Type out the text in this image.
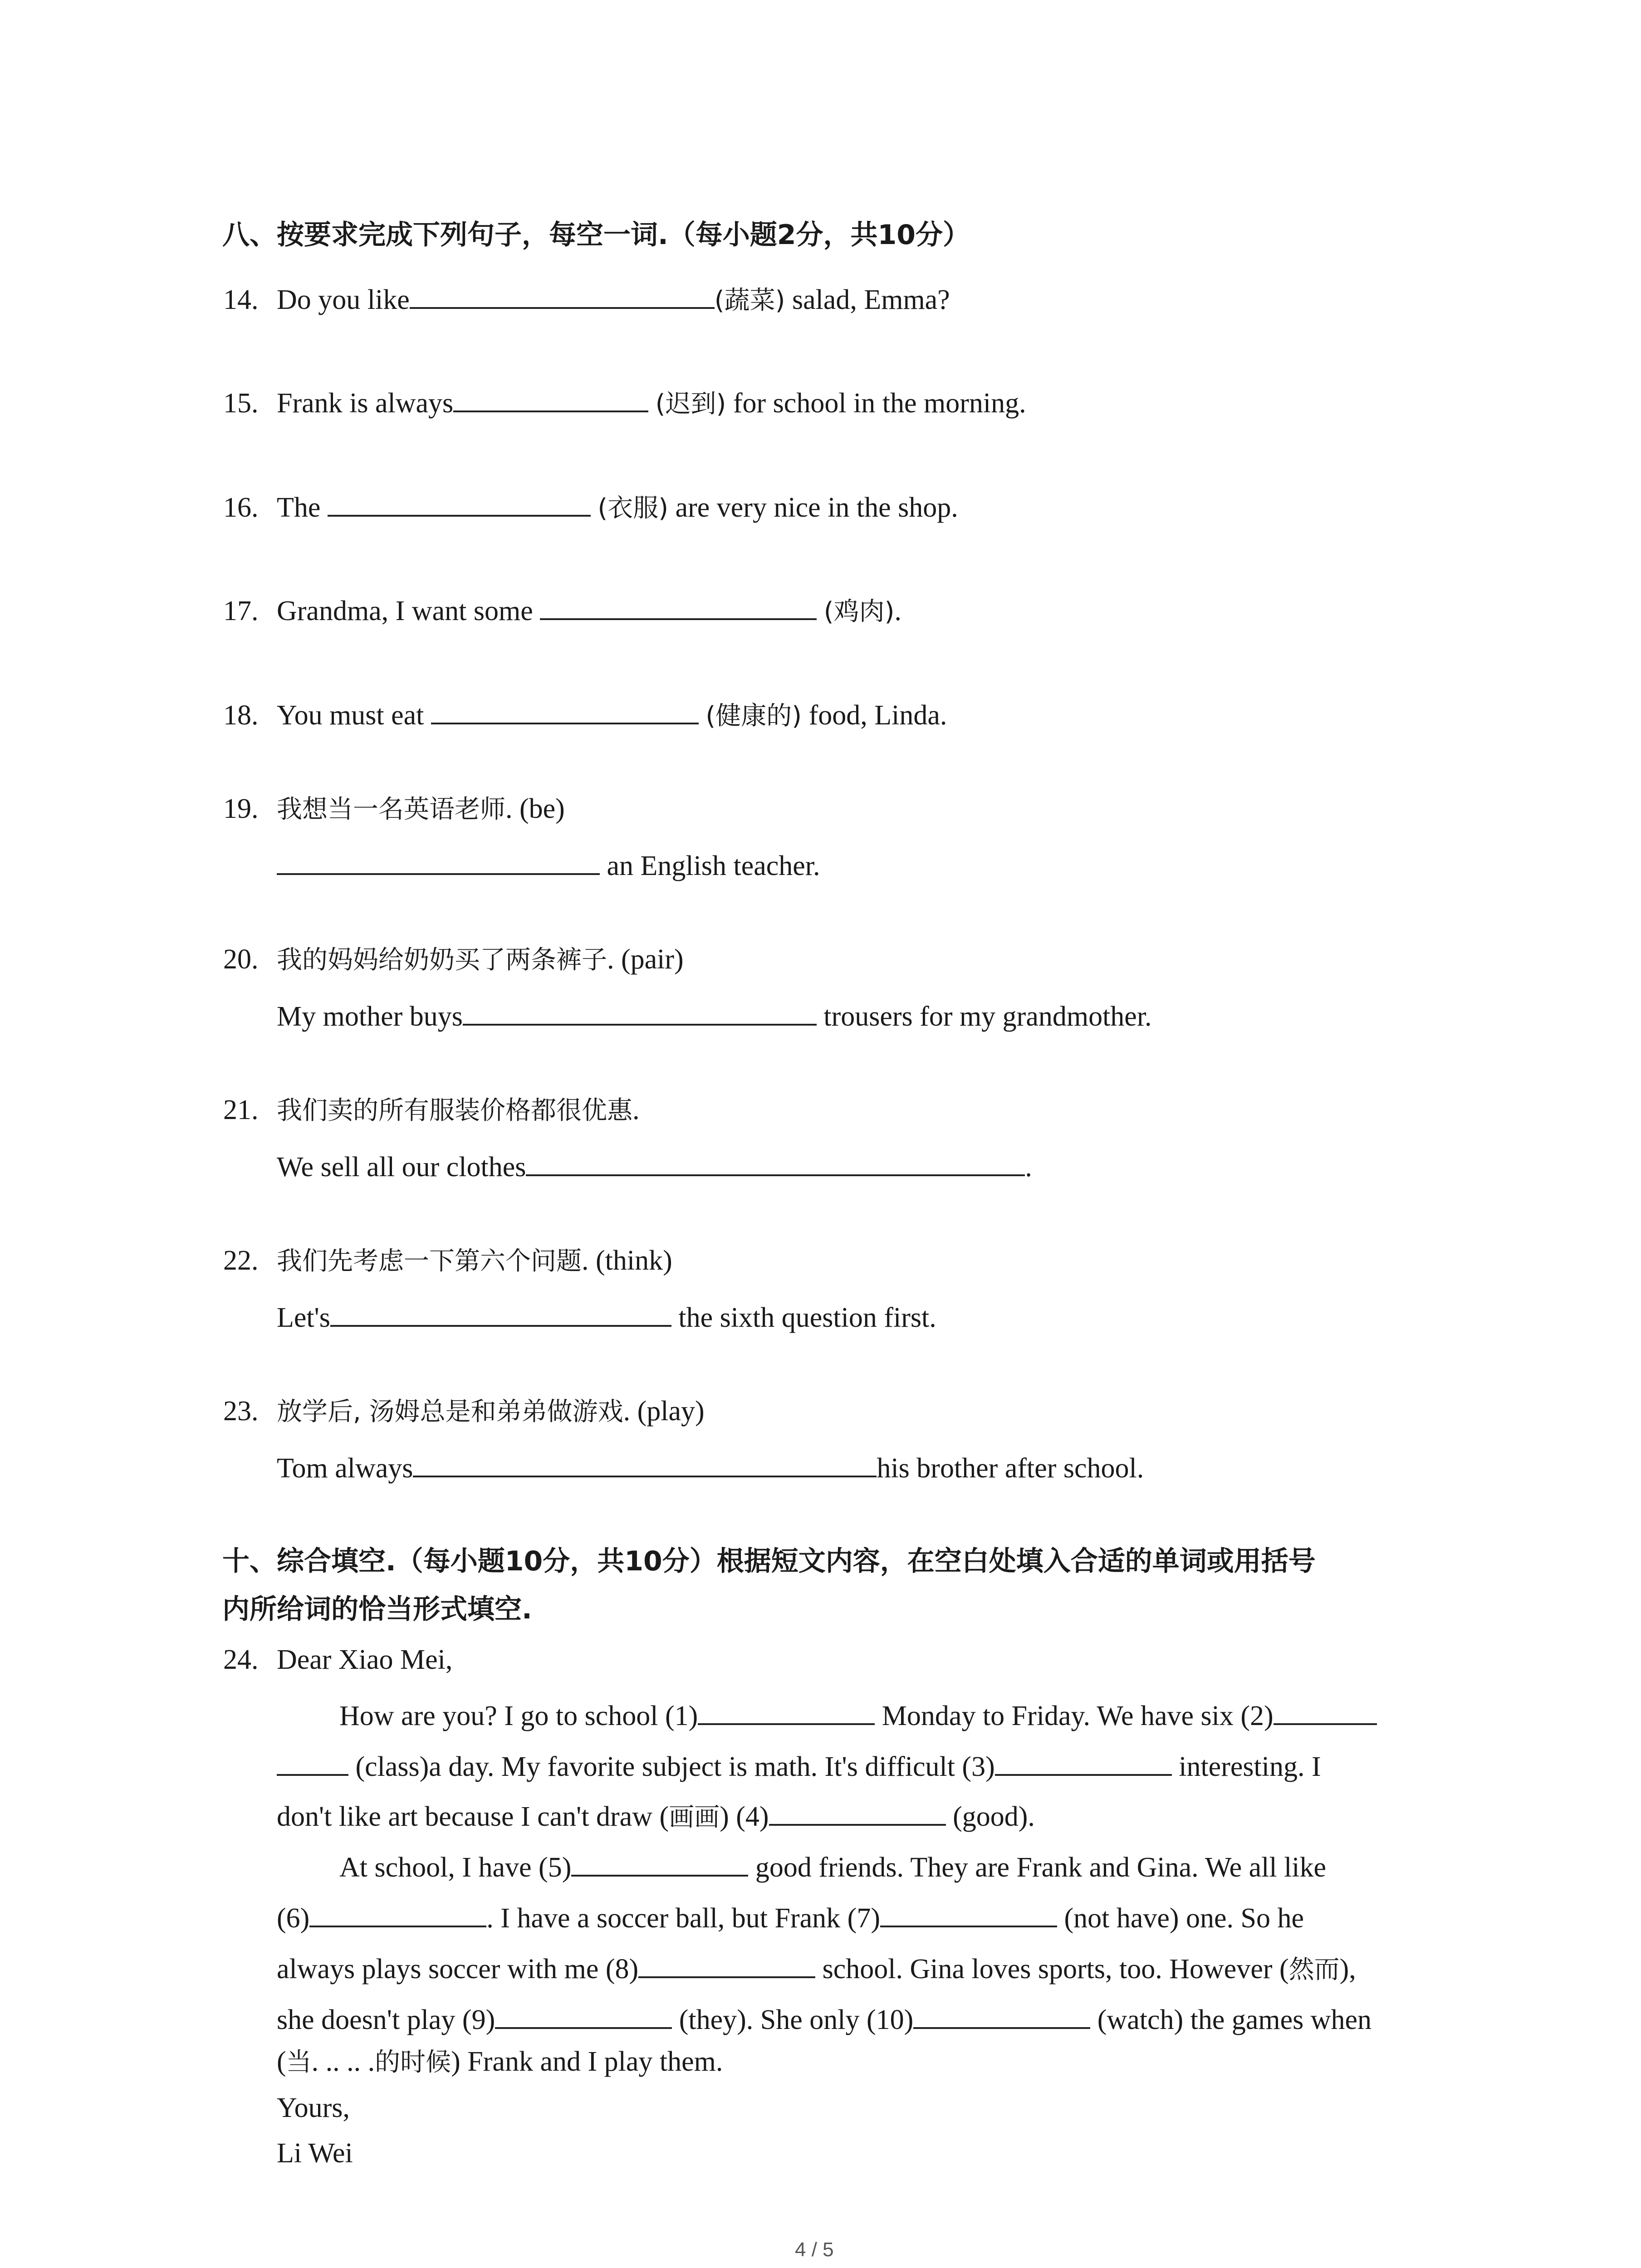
八、按要求完成下列句子，每空一词.（每小题2分，共10分）
14. Do you like	(蔬菜) salad, Emma?
15. Frank is always	(迟到) for school in the morning.
16. The	(衣服) are very nice in the shop.
17. Grandma, I want some	(鸡肉).
18. You must eat	(健康的) food, Linda.
19. 我想当一名英语老师. (be)
an English teacher.
20. 我的妈妈给奶奶买了两条裤子. (pair)
My mother buys	trousers for my grandmother.
21. 我们卖的所有服装价格都很优惠.
We sell all our clothes	.
22. 我们先考虑一下第六个问题. (think)
Let's	the sixth question first.
23. 放学后, 汤姆总是和弟弟做游戏. (play)
Tom always	his brother after school.
十、综合填空.（每小题10分，共10分）根据短文内容，在空白处填入合适的单词或用括号
内所给词的恰当形式填空.
24. Dear Xiao Mei,
How are you? I go to school (1)	Monday to Friday. We have six (2)
(class)a day. My favorite subject is math. It's difficult (3)	interesting. I
don't like art because I can't draw (画画) (4)	(good).
At school, I have (5)	good friends. They are Frank and Gina. We all like
(6)	. I have a soccer ball, but Frank (7)	(not have) one. So he
always plays soccer with me (8)	school. Gina loves sports, too. However (然而),
she doesn't play (9)	(they). She only (10)	(watch) the games when
(当. .. .. .的时候) Frank and I play them.
Yours,
Li Wei
4 / 5
